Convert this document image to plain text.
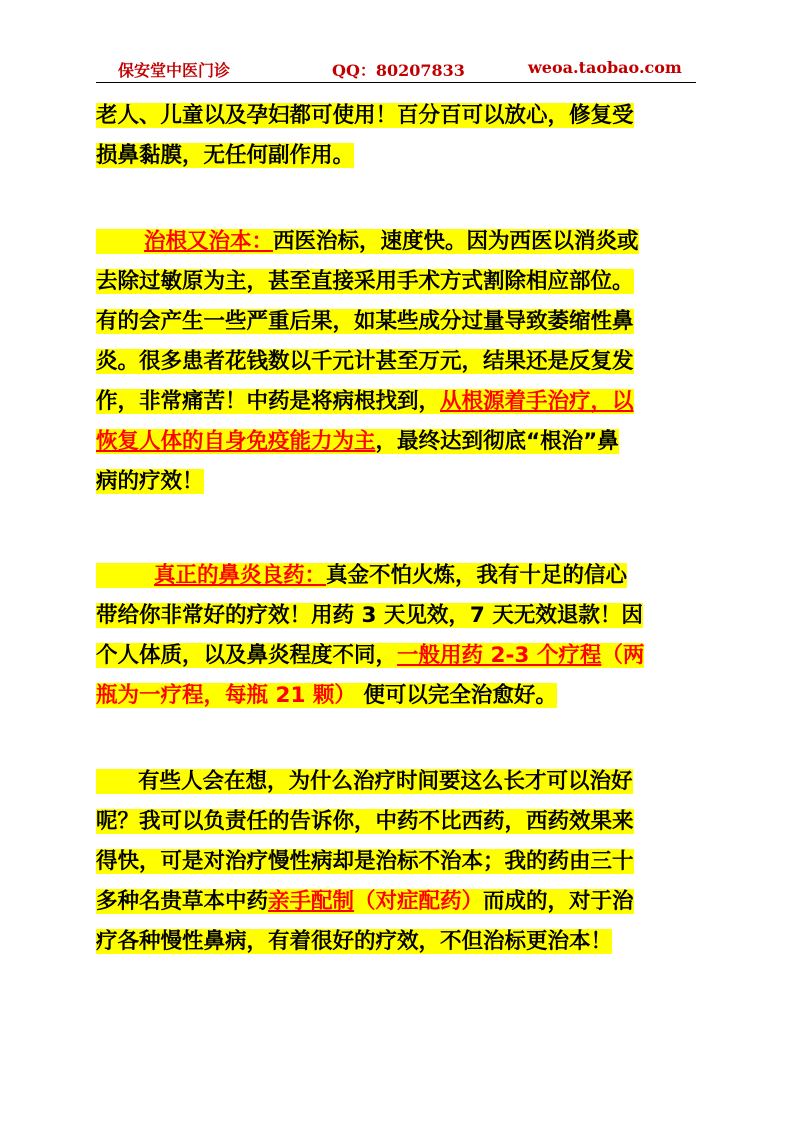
保安堂中医门诊	QQ：80207833	weoa.taobao.com
老人、儿童以及孕妇都可使用！百分百可以放心，修复受
损鼻黏膜，无任何副作用。
治根又治本：西医治标，速度快。因为西医以消炎或
去除过敏原为主，甚至直接采用手术方式割除相应部位。
有的会产生一些严重后果，如某些成分过量导致萎缩性鼻
炎。很多患者花钱数以千元计甚至万元，结果还是反复发
作，非常痛苦！中药是将病根找到，从根源着手治疗，以
恢复人体的自身免疫能力为主，最终达到彻底“根治”鼻
病的疗效！
真正的鼻炎良药：真金不怕火炼，我有十足的信心
带给你非常好的疗效！用药 3 天见效，7 天无效退款！因
个人体质，以及鼻炎程度不同，一般用药 2-3 个疗程（两
瓶为一疗程，每瓶 21 颗） 便可以完全治愈好。
有些人会在想，为什么治疗时间要这么长才可以治好
呢？我可以负责任的告诉你，中药不比西药，西药效果来
得快，可是对治疗慢性病却是治标不治本；我的药由三十
多种名贵草本中药亲手配制（对症配药）而成的，对于治
疗各种慢性鼻病，有着很好的疗效，不但治标更治本！
